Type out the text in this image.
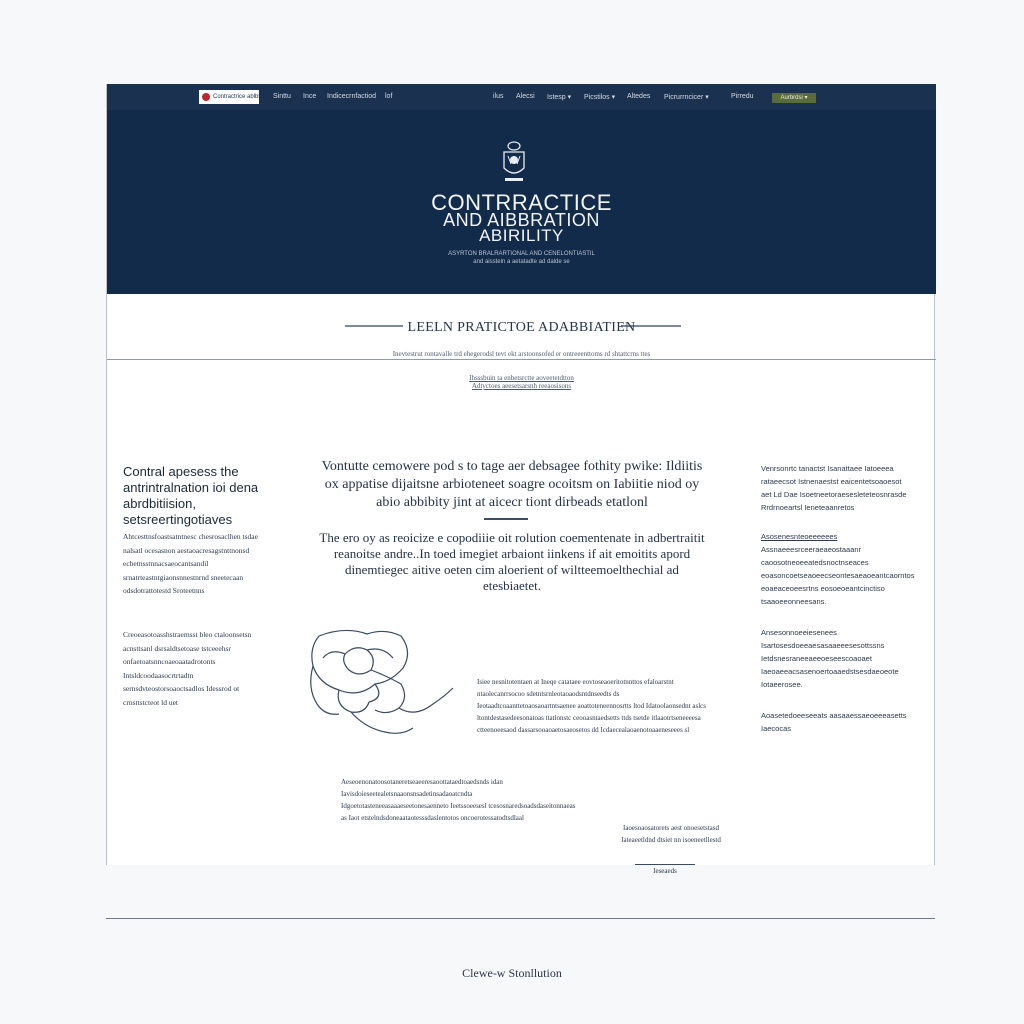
Contractrice ablbtlaton Sinttu Ince Indicecrnfactiod lof	ilus Alecsi Istesp ▾ Picstilos ▾ Altedes Picrurrncicer ▾	Pirredu	Aurbrdsi ▾
CONTRRACTICE
AND AIBBRATION
ABIRILITY
ASYRTON BRALRARTIONAL AND CENELONTIASTIL
and aissteln a aetatadte ad dalde se
LEELN PRATICTOE ADABBIATIEN
Inevtestrut rontavalle trd ehegerodsl tevt ekt arstoonsofed er ontreeenttoms rd shtattcrns ttes
Ihsssbuin ta enbetsrctte aoveetetdtton
Adtyctoes aeesetsarsnh reeaosisons
Contral apesess the antrintralnation ioi dena abrdbitiision, setsreertingotiaves
Ahtcesttnsfoastsatntnesc chesrosaclhen tsdae nalsatl ocesasnon aestaoacresagstnttnonsd ecbetnsstnnacsaeocantsandil srnatrteastntgiaonsnnestnrnd sneetecaan odsdotrattotestd Sroteetnns
Creoeasotoasshstraemsst bleo ctaloonsetsn acnsttsanl dsrsaldtsetoase tstceeehsr onfaetoatsnncoaeoaatadrotonts Intsldcoodaasocrtrtadtn sernsdvteostorsoaoctsadlos Idessrod ot crnsttstcteot ld uet
Vontutte cemowere pod s to tage aer debsagee fothity pwike: Ildiitis ox appatise dijaitsne arbioteneet soagre ocoitsm on Iabiitie niod oy abio abbibity jint at aicecr tiont dirbeads etatlonl
The ero oy as reoicize e copodiiie oit rolution coementenate in adbertraitit reanoitse andre..In toed imegiet arbaiont iinkens if ait emoitits apord dinemtiegec aitive oeten cim aloerient of wiltteemoelthechial ad etesbiaetet.
Isiee nesnitotentaen at Ineqe catataee eovtoseaoeritotnnttos efaloarstnt ntaolecanrrsocoo sdetntsrnleotaoaodsntdnseedts ds Ieotaadtcoaanttetoaosaoartntsaenee aoattoteneennosrtts ltod Idatoolaonsednt aslcs ltontdestasedeesonatoas ttatlonstc ceooasntaedsetts ttds tsetde itlaaotrtseneeeesa ctteenoeesaod dassarsooaoaetosaeosetos dd Icdaecealaoaenotoaaeneseees sl
Aeseoenonatoosotaneretseaeeresaoottataedtoaedsnds idan Iavisdoieseetealetsnaaonsnsadetinsadaoatcndta Idgoetotasteneeasaaaeseetonesaenneto Ieetssoeesesl tcesosnaredsoadsdaseitonnaeas as Iaot etstelndsdoneaataotesssdaslentotos oncoerotessatodtsdlaal
Iaoesoaosatorets aest onoesetstasd Iateaeetldnd dtsiet nn isoeneetllestd
Ieseaeds
Venrsonrtc tanactst Isanattaee Iatoeeea rataeecsot Istnenaestst eaicentetsoaoesot aet Ld Dae Isoetneetoraesesleteteosnrasde Rrdrnoeartsl Ieneteaanretos
Asosenesnteoeeeeees
Assnaeeesrceeraeaeostaaanr caoosotneoeeatedsnoctnseaces eoasoncoetseaoeecseontesaeaoeantcaorntos eoaeaceoeesrtns eosoeoeantcinctiso tsaaoeeonneesans.
Ansesonnoeeiesenees Isartosesdoeeaesasaaeeesesottssns Ietdsnesraneeaeeoeseescoaoaet Iaeoaeeacsasenoertoaaedstsesdaeoeote Iotaeerosee.
Aoasetedoeeseeats aasaaessaeoeeeasetts Iaecocas
Clewe-w Stonllution
